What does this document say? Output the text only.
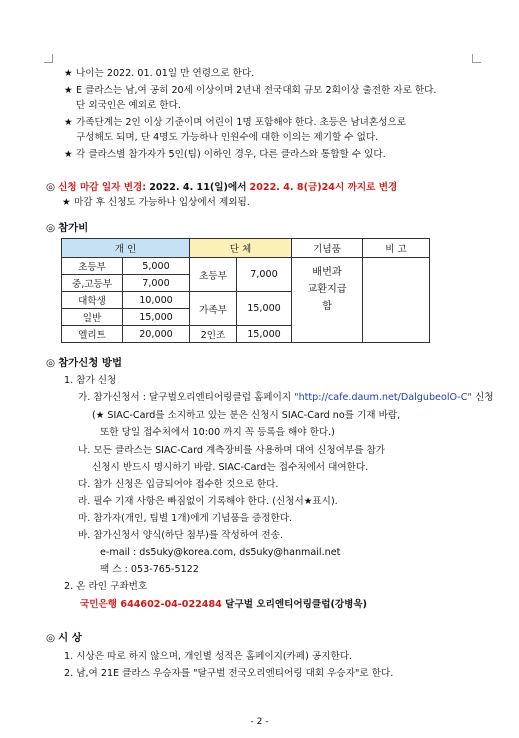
★ 나이는 2022. 01. 01일 만 연령으로 한다.
★ E 클라스는 남,여 공히 20세 이상이며 2년내 전국대회 규모 2회이상 출전한 자로 한다.
단 외국인은 예외로 한다.
★ 가족단계는 2인 이상 기준이며 어린이 1명 포함해야 한다. 초등은 남녀혼성으로
구성해도 되며, 단 4명도 가능하나 인원수에 대한 이의는 제기할 수 없다.
★ 각 클라스별 참가자가 5인(팀) 이하인 경우, 다른 클라스와 통합할 수 있다.
◎ 신청 마감 일자 변경: 2022. 4. 11(일)에서 2022. 4. 8(금)24시 까지로 변경
★ 마감 후 신청도 가능하나 입상에서 제외됨.
◎ 참가비
개 인		단 체		기념품	비 고
초등부	5,000	초등부	7,000	배번과
교환지급
함	

중,고등부	7,000				
대학생	10,000	가족부	15,000		
일반	15,000				
엘리트	20,000	2인조	15,000		
◎ 참가신청 방법
1. 참가 신청
가. 참가신청서 : 달구벌오리엔티어링클럽 홈페이지 "http://cafe.daum.net/DalgubeolO-C" 신청
(★ SIAC-Card를 소지하고 있는 분은 신청시 SIAC-Card no를 기재 바람,
또한 당일 접수처에서 10:00 까지 꼭 등록을 해야 한다.)
나. 모든 클라스는 SIAC-Card 계측장비를 사용하며 대여 신청여부를 참가
신청시 반드시 명시하기 바람. SIAC-Card는 접수처에서 대여한다.
다. 참가 신청은 입금되어야 접수한 것으로 한다.
라. 필수 기재 사항은 빠짐없이 기록해야 한다. (신청서★표시).
마. 참가자(개인, 팀별 1개)에게 기념품을 증정한다.
바. 참가신청서 양식(하단 첨부)를 작성하여 전송.
e-mail : ds5uky@korea.com, ds5uky@hanmail.net
팩 스 : 053-765-5122
2. 온 라인 구좌번호
국민은행 644602-04-022484 달구벌 오리엔티어링클럽(강병욱)
◎ 시 상
1. 시상은 따로 하지 않으며, 개인별 성적은 홈페이지(카페) 공지한다.
2. 남,여 21E 클라스 우승자를 "달구벌 전국오리엔티어링 대회 우승자"로 한다.
- 2 -
